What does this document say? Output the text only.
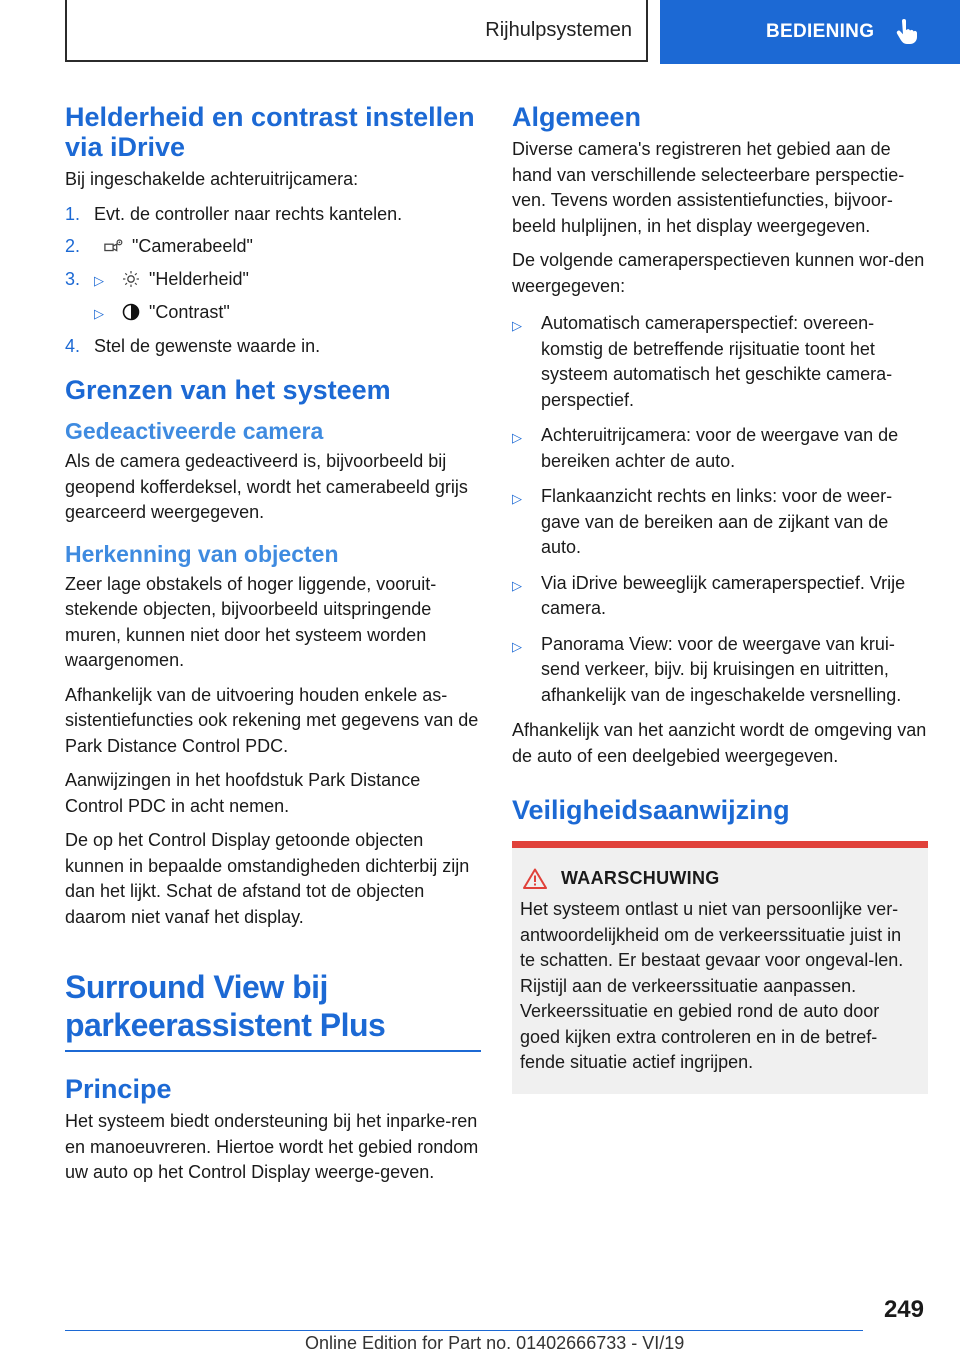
Rijhulpsystemen	BEDIENING
Helderheid en contrast instellen via iDrive

Bij ingeschakelde achteruitrijcamera:

1. Evt. de controller naar rechts kantelen.
2.	"Camerabeeld"
3.	▷	"Helderheid"
▷	"Contrast"
4. Stel de gewenste waarde in.
Grenzen van het systeem
Gedeactiveerde camera

Als de camera gedeactiveerd is, bijvoorbeeld bij geopend kofferdeksel, wordt het camerabeeld grijs gearceerd weergegeven.

Herkenning van objecten

Zeer lage obstakels of hoger liggende, vooruit-stekende objecten, bijvoorbeeld uitspringende muren, kunnen niet door het systeem worden waargenomen.

Afhankelijk van de uitvoering houden enkele as-sistentiefuncties ook rekening met gegevens van de Park Distance Control PDC.

Aanwijzingen in het hoofdstuk Park Distance Control PDC in acht nemen.

De op het Control Display getoonde objecten kunnen in bepaalde omstandigheden dichterbij zijn dan het lijkt. Schat de afstand tot de objecten daarom niet vanaf het display.

Surround View bij parkeerassistent Plus
Principe

Het systeem biedt ondersteuning bij het inparke-ren en manoeuvreren. Hiertoe wordt het gebied rondom uw auto op het Control Display weerge-geven.

Algemeen

Diverse camera's registreren het gebied aan de hand van verschillende selecteerbare perspectie-ven. Tevens worden assistentiefuncties, bijvoor-beeld hulplijnen, in het display weergegeven.

De volgende cameraperspectieven kunnen wor-den weergegeven:

▷	Automatisch cameraperspectief: overeen-komstig de betreffende rijsituatie toont het systeem automatisch het geschikte camera-perspectief.
▷	Achteruitrijcamera: voor de weergave van de bereiken achter de auto.
▷	Flankaanzicht rechts en links: voor de weer-gave van de bereiken aan de zijkant van de auto.
▷	Via iDrive beweeglijk cameraperspectief. Vrije camera.
▷	Panorama View: voor de weergave van krui-send verkeer, bijv. bij kruisingen en uitritten, afhankelijk van de ingeschakelde versnelling.

Afhankelijk van het aanzicht wordt de omgeving van de auto of een deelgebied weergegeven.

Veiligheidsaanwijzing
WAARSCHUWING

Het systeem ontlast u niet van persoonlijke ver-antwoordelijkheid om de verkeerssituatie juist in te schatten. Er bestaat gevaar voor ongeval-len. Rijstijl aan de verkeerssituatie aanpassen. Verkeerssituatie en gebied rond de auto door goed kijken extra controleren en in de betref-fende situatie actief ingrijpen.

249
Online Edition for Part no. 01402666733 - VI/19
